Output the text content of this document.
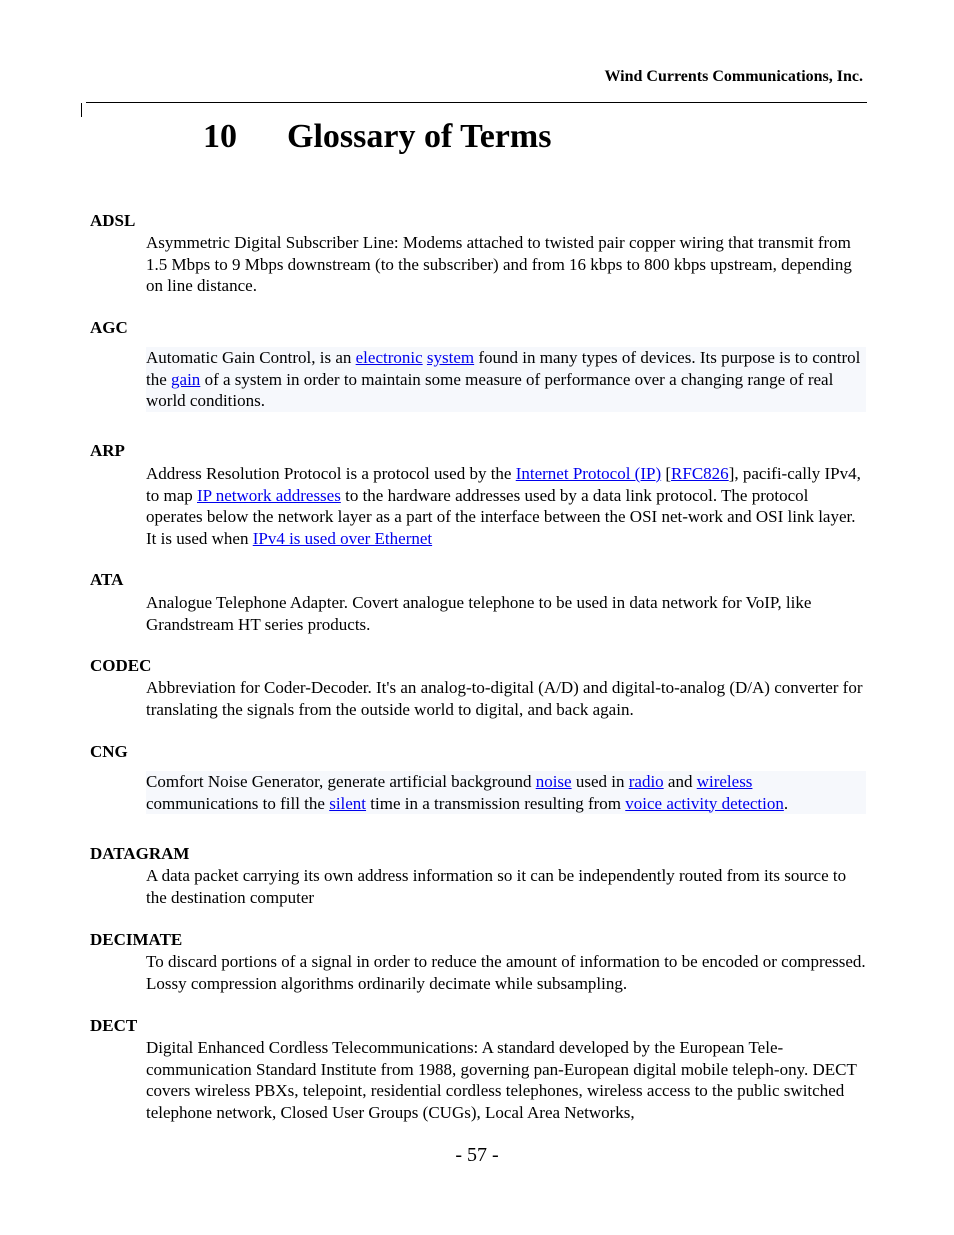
Wind Currents Communications, Inc.
10 Glossary of Terms
ADSL
Asymmetric Digital Subscriber Line: Modems attached to twisted pair copper wiring that transmit from 1.5 Mbps to 9 Mbps downstream (to the subscriber) and from 16 kbps to 800 kbps upstream, depending on line distance.
AGC
Automatic Gain Control, is an electronic system found in many types of devices. Its purpose is to control the gain of a system in order to maintain some measure of performance over a changing range of real world conditions.
ARP
Address Resolution Protocol is a protocol used by the Internet Protocol (IP) [RFC826], pacifi-cally IPv4, to map IP network addresses to the hardware addresses used by a data link protocol. The protocol operates below the network layer as a part of the interface between the OSI net-work and OSI link layer. It is used when IPv4 is used over Ethernet
ATA
Analogue Telephone Adapter. Covert analogue telephone to be used in data network for VoIP, like Grandstream HT series products.
CODEC
Abbreviation for Coder-Decoder. It's an analog-to-digital (A/D) and digital-to-analog (D/A) converter for translating the signals from the outside world to digital, and back again.
CNG
Comfort Noise Generator, generate artificial background noise used in radio and wireless communications to fill the silent time in a transmission resulting from voice activity detection.
DATAGRAM
A data packet carrying its own address information so it can be independently routed from its source to the destination computer
DECIMATE
To discard portions of a signal in order to reduce the amount of information to be encoded or compressed. Lossy compression algorithms ordinarily decimate while subsampling.
DECT
Digital Enhanced Cordless Telecommunications: A standard developed by the European Tele-communication Standard Institute from 1988, governing pan-European digital mobile teleph-ony. DECT covers wireless PBXs, telepoint, residential cordless telephones, wireless access to the public switched telephone network, Closed User Groups (CUGs), Local Area Networks,
- 57 -
